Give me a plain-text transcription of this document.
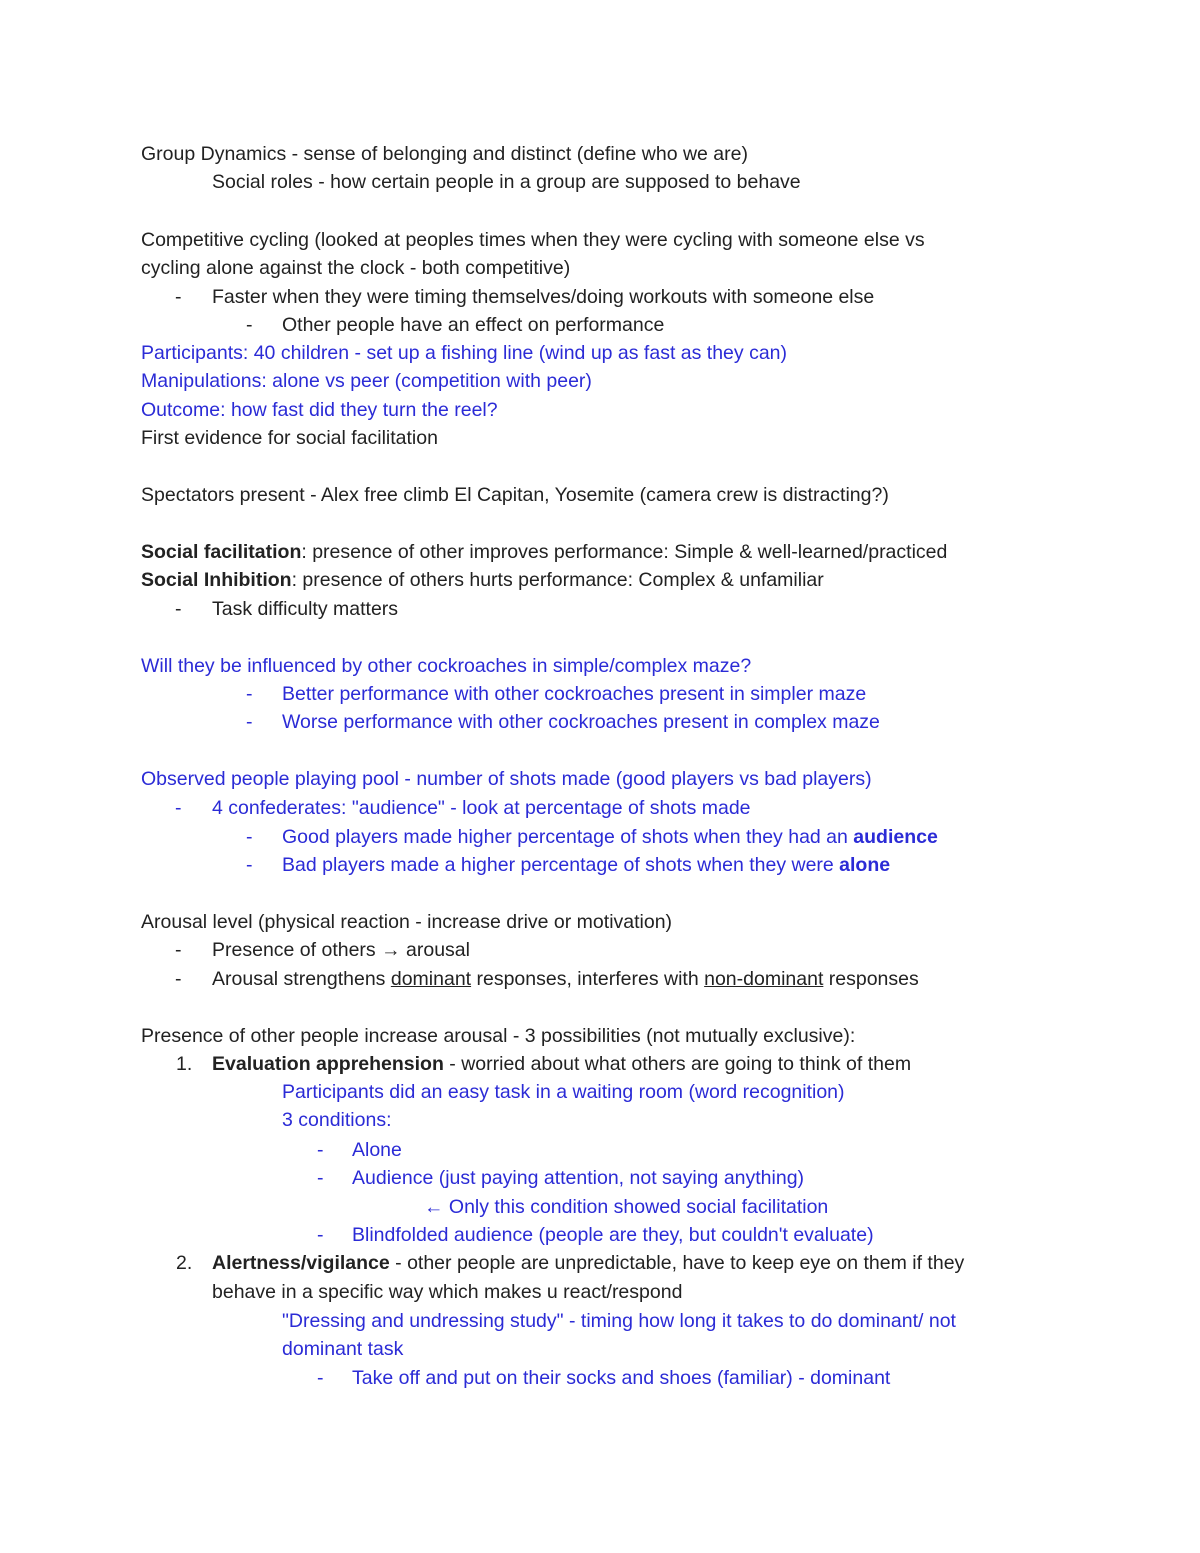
Group Dynamics - sense of belonging and distinct (define who we are)
Social roles - how certain people in a group are supposed to behave
Competitive cycling (looked at peoples times when they were cycling with someone else vs
cycling alone against the clock - both competitive)
- Faster when they were timing themselves/doing workouts with someone else
- Other people have an effect on performance
Participants: 40 children - set up a fishing line (wind up as fast as they can)
Manipulations: alone vs peer (competition with peer)
Outcome: how fast did they turn the reel?
First evidence for social facilitation
Spectators present - Alex free climb El Capitan, Yosemite (camera crew is distracting?)
Social facilitation: presence of other improves performance: Simple & well-learned/practiced
Social Inhibition: presence of others hurts performance: Complex & unfamiliar
- Task difficulty matters
Will they be influenced by other cockroaches in simple/complex maze?
- Better performance with other cockroaches present in simpler maze
- Worse performance with other cockroaches present in complex maze
Observed people playing pool - number of shots made (good players vs bad players)
- 4 confederates: "audience" - look at percentage of shots made
- Good players made higher percentage of shots when they had an audience
- Bad players made a higher percentage of shots when they were alone
Arousal level (physical reaction - increase drive or motivation)
- Presence of others → arousal
- Arousal strengthens dominant responses, interferes with non-dominant responses
Presence of other people increase arousal - 3 possibilities (not mutually exclusive):
1. Evaluation apprehension - worried about what others are going to think of them
Participants did an easy task in a waiting room (word recognition)
3 conditions:
- Alone
- Audience (just paying attention, not saying anything)
← Only this condition showed social facilitation
- Blindfolded audience (people are they, but couldn't evaluate)
2. Alertness/vigilance - other people are unpredictable, have to keep eye on them if they
behave in a specific way which makes u react/respond
"Dressing and undressing study" - timing how long it takes to do dominant/ not
dominant task
- Take off and put on their socks and shoes (familiar) - dominant
